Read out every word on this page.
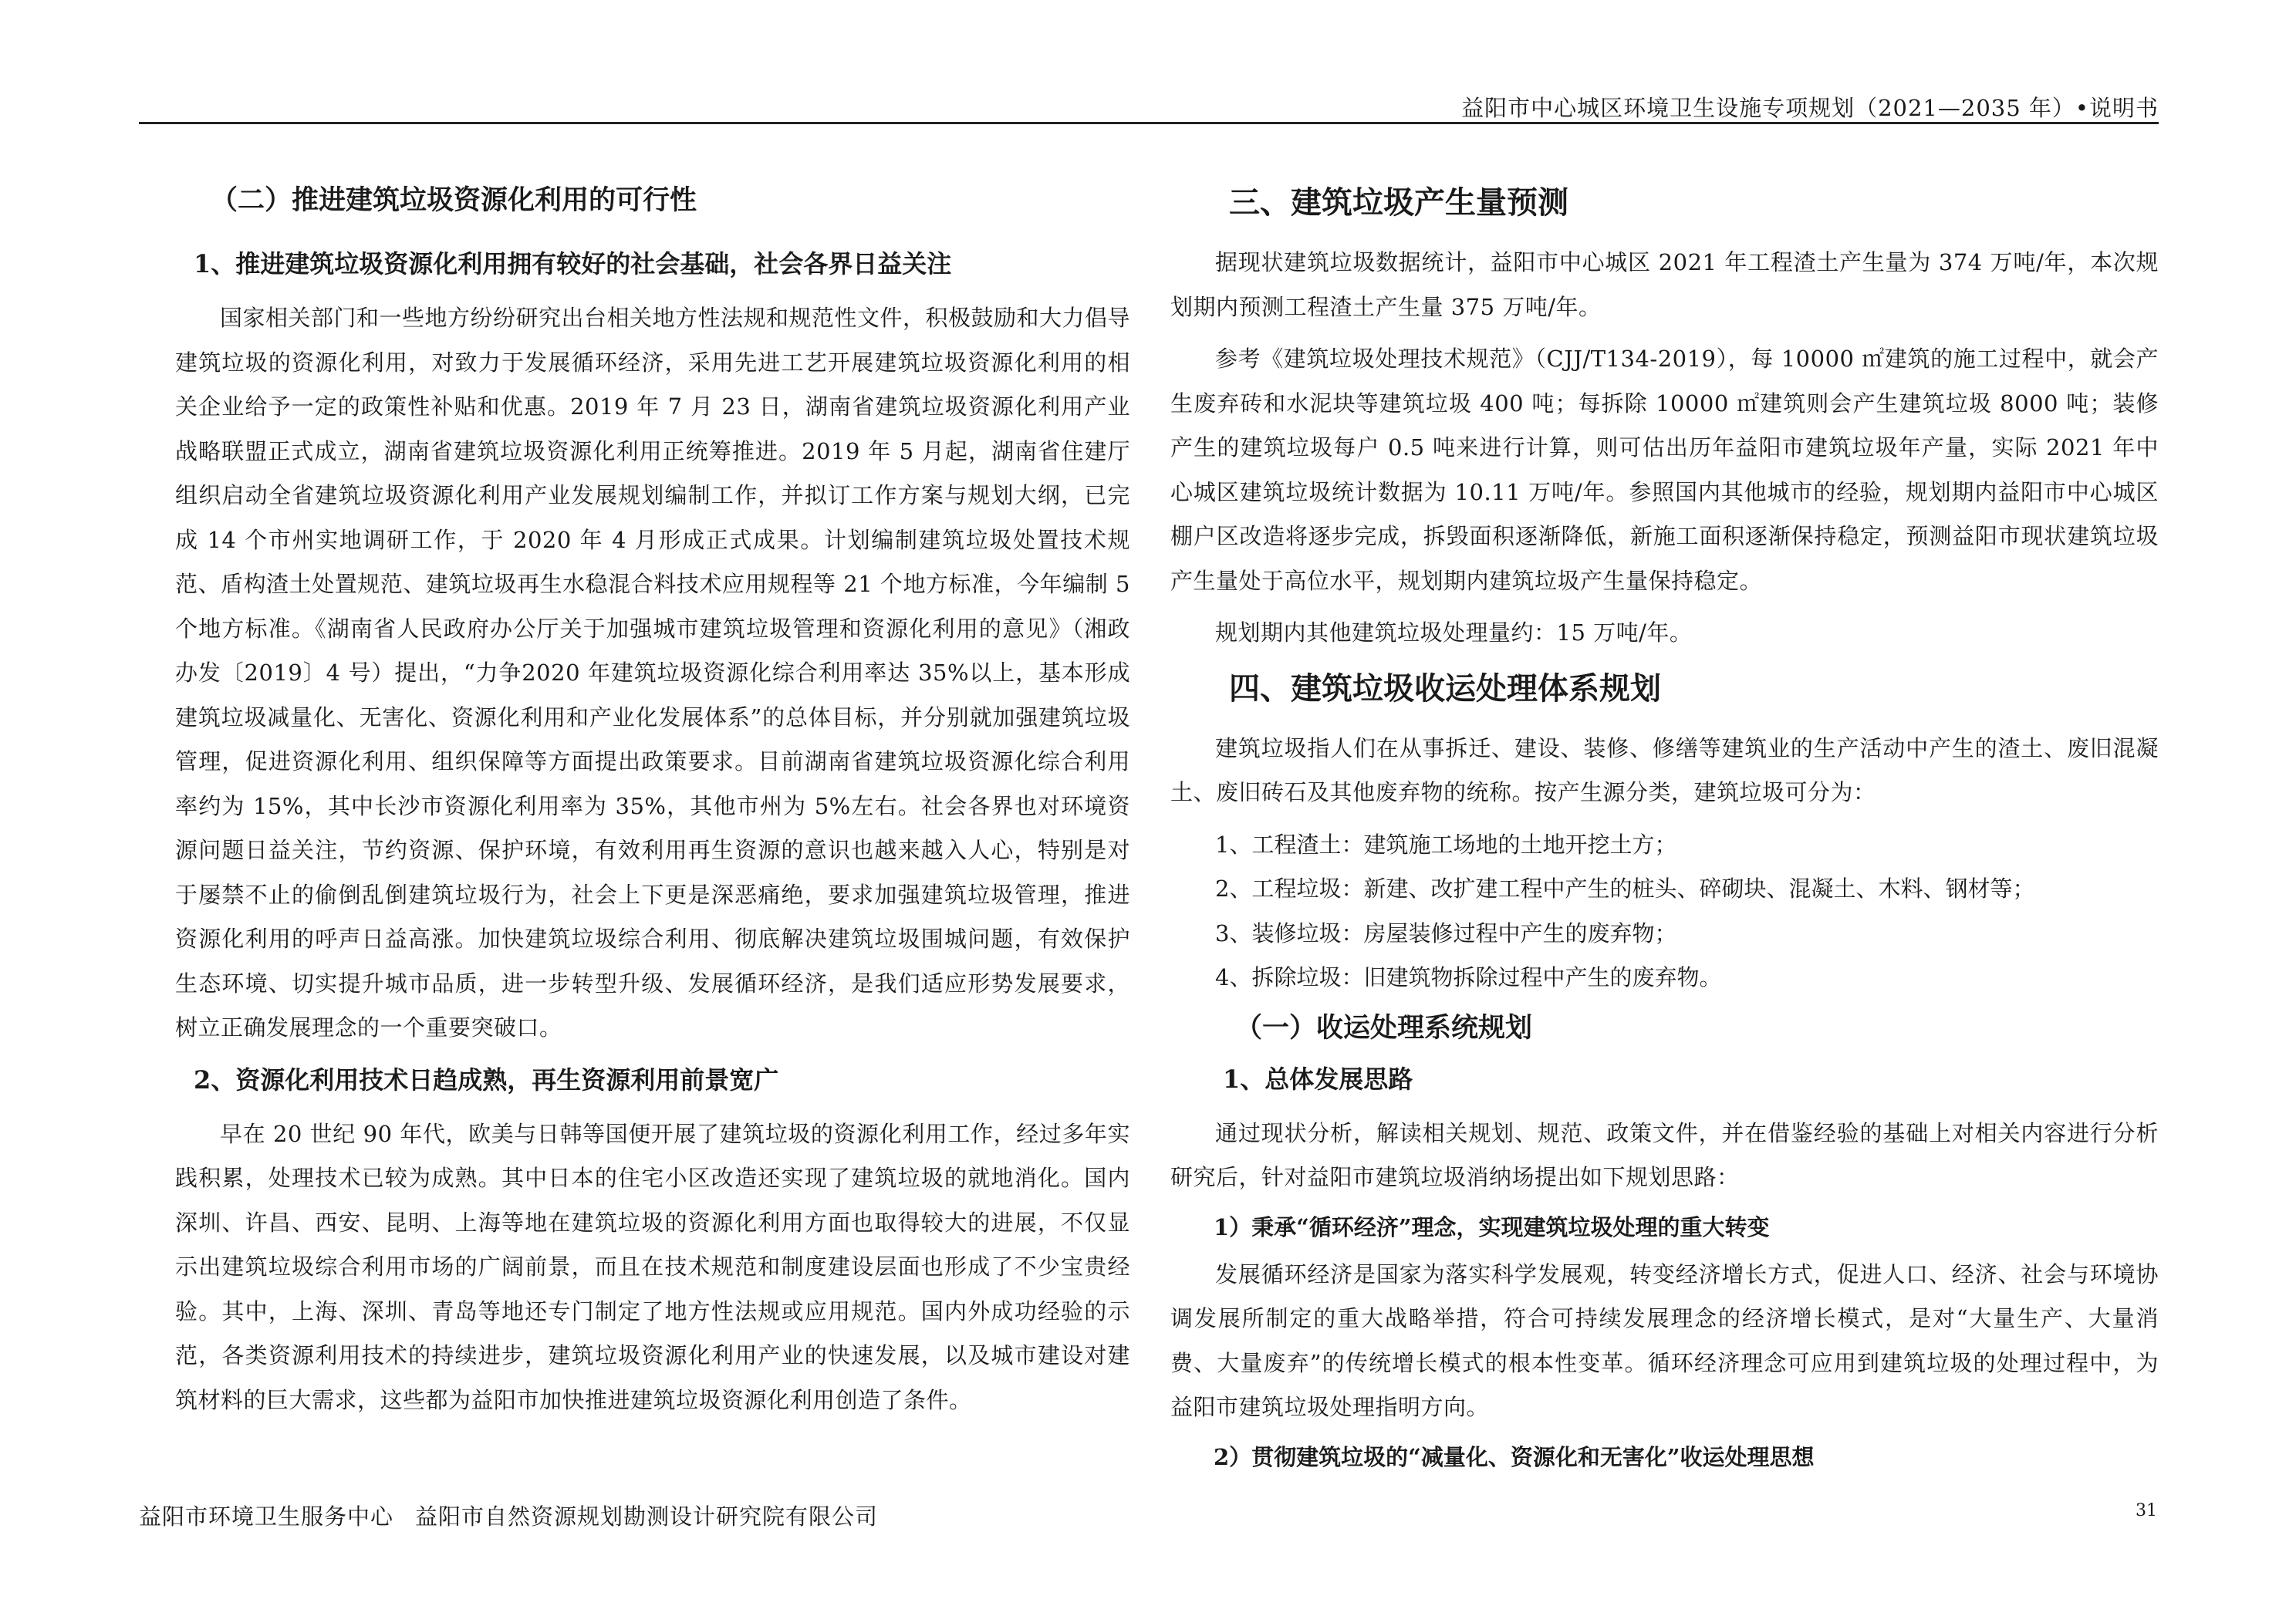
益阳市中心城区环境卫生设施专项规划（2021—2035 年）•说明书
（二）推进建筑垃圾资源化利用的可行性
1、推进建筑垃圾资源化利用拥有较好的社会基础，社会各界日益关注

国家相关部门和一些地方纷纷研究出台相关地方性法规和规范性文件，积极鼓励和大力倡导建筑垃圾的资源化利用，对致力于发展循环经济，采用先进工艺开展建筑垃圾资源化利用的相关企业给予一定的政策性补贴和优惠。2019 年 7 月 23 日，湖南省建筑垃圾资源化利用产业战略联盟正式成立，湖南省建筑垃圾资源化利用正统筹推进。2019 年 5 月起，湖南省住建厅组织启动全省建筑垃圾资源化利用产业发展规划编制工作，并拟订工作方案与规划大纲，已完成 14 个市州实地调研工作，于 2020 年 4 月形成正式成果。计划编制建筑垃圾处置技术规范、盾构渣土处置规范、建筑垃圾再生水稳混合料技术应用规程等 21 个地方标准，今年编制 5 个地方标准。《湖南省人民政府办公厅关于加强城市建筑垃圾管理和资源化利用的意见》（湘政办发〔2019〕4 号）提出，“力争2020 年建筑垃圾资源化综合利用率达 35%以上，基本形成建筑垃圾减量化、无害化、资源化利用和产业化发展体系”的总体目标，并分别就加强建筑垃圾管理，促进资源化利用、组织保障等方面提出政策要求。目前湖南省建筑垃圾资源化综合利用率约为 15%，其中长沙市资源化利用率为 35%，其他市州为 5%左右。社会各界也对环境资源问题日益关注，节约资源、保护环境，有效利用再生资源的意识也越来越入人心，特别是对于屡禁不止的偷倒乱倒建筑垃圾行为，社会上下更是深恶痛绝，要求加强建筑垃圾管理，推进资源化利用的呼声日益高涨。加快建筑垃圾综合利用、彻底解决建筑垃圾围城问题，有效保护生态环境、切实提升城市品质，进一步转型升级、发展循环经济，是我们适应形势发展要求，树立正确发展理念的一个重要突破口。

2、资源化利用技术日趋成熟，再生资源利用前景宽广

早在 20 世纪 90 年代，欧美与日韩等国便开展了建筑垃圾的资源化利用工作，经过多年实践积累，处理技术已较为成熟。其中日本的住宅小区改造还实现了建筑垃圾的就地消化。国内深圳、许昌、西安、昆明、上海等地在建筑垃圾的资源化利用方面也取得较大的进展，不仅显示出建筑垃圾综合利用市场的广阔前景，而且在技术规范和制度建设层面也形成了不少宝贵经验。其中，上海、深圳、青岛等地还专门制定了地方性法规或应用规范。国内外成功经验的示范，各类资源利用技术的持续进步，建筑垃圾资源化利用产业的快速发展，以及城市建设对建筑材料的巨大需求，这些都为益阳市加快推进建筑垃圾资源化利用创造了条件。

三、建筑垃圾产生量预测

据现状建筑垃圾数据统计，益阳市中心城区 2021 年工程渣土产生量为 374 万吨/年，本次规划期内预测工程渣土产生量 375 万吨/年。

参考《建筑垃圾处理技术规范》（CJJ/T134-2019），每 10000 ㎡建筑的施工过程中，就会产生废弃砖和水泥块等建筑垃圾 400 吨；每拆除 10000 ㎡建筑则会产生建筑垃圾 8000 吨；装修产生的建筑垃圾每户 0.5 吨来进行计算，则可估出历年益阳市建筑垃圾年产量，实际 2021 年中心城区建筑垃圾统计数据为 10.11 万吨/年。参照国内其他城市的经验，规划期内益阳市中心城区棚户区改造将逐步完成，拆毁面积逐渐降低，新施工面积逐渐保持稳定，预测益阳市现状建筑垃圾产生量处于高位水平，规划期内建筑垃圾产生量保持稳定。

规划期内其他建筑垃圾处理量约：15 万吨/年。

四、建筑垃圾收运处理体系规划

建筑垃圾指人们在从事拆迁、建设、装修、修缮等建筑业的生产活动中产生的渣土、废旧混凝土、废旧砖石及其他废弃物的统称。按产生源分类，建筑垃圾可分为：

1、工程渣土：建筑施工场地的土地开挖土方；

2、工程垃圾：新建、改扩建工程中产生的桩头、碎砌块、混凝土、木料、钢材等；

3、装修垃圾：房屋装修过程中产生的废弃物；

4、拆除垃圾：旧建筑物拆除过程中产生的废弃物。

（一）收运处理系统规划
1、总体发展思路

通过现状分析，解读相关规划、规范、政策文件，并在借鉴经验的基础上对相关内容进行分析研究后，针对益阳市建筑垃圾消纳场提出如下规划思路：

1）秉承“循环经济”理念，实现建筑垃圾处理的重大转变

发展循环经济是国家为落实科学发展观，转变经济增长方式，促进人口、经济、社会与环境协调发展所制定的重大战略举措，符合可持续发展理念的经济增长模式，是对“大量生产、大量消费、大量废弃”的传统增长模式的根本性变革。循环经济理念可应用到建筑垃圾的处理过程中，为益阳市建筑垃圾处理指明方向。

2）贯彻建筑垃圾的“减量化、资源化和无害化”收运处理思想
益阳市环境卫生服务中心 益阳市自然资源规划勘测设计研究院有限公司	31
